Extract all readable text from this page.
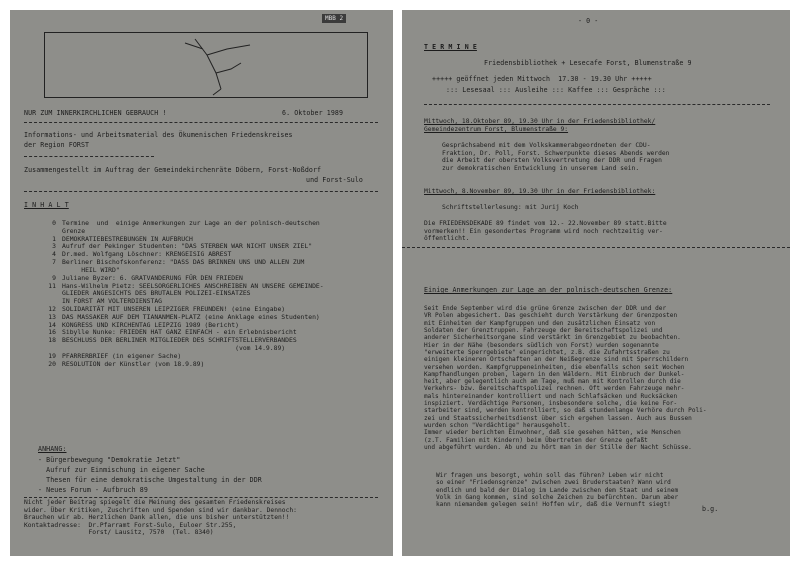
MBB 2

NUR ZUM INNERKIRCHLICHEN GEBRAUCH !	6. Oktober 1989

Informations- und Arbeitsmaterial des Ökumenischen Friedenskreises

der Region FORST

Zusammengestellt im Auftrag der Gemeindekirchenräte Döbern, Forst-Noßdorf

und Forst-Sulo

I N H A L T

0 Termine  und  einige Anmerkungen zur Lage an der polnisch-deutschen
Grenze
1 DEMOKRATIEBESTREBUNGEN IN AUFBRUCH
3 Aufruf der Pekinger Studenten: "DAS STERBEN WAR NICHT UNSER ZIEL"
4 Dr.med. Wolfgang Löschner: KRENGEISIG ABREST
7 Berliner Bischofskonferenz: "DASS DAS BRINNEN UNS UND ALLEN ZUM
HEIL WIRD"
9 Juliane Byzer: 6. GRATVANDERUNG FÜR DEN FRIEDEN
11 Hans-Wilhelm Pietz: SEELSORGERLICHES ANSCHREIBEN AN UNSERE GEMEINDE-
GLIEDER ANGESICHTS DES BRUTALEN POLIZEI-EINSATZES
IN FORST AM VOLTERDIENSTAG
12 SOLIDARITÄT MIT UNSEREN LEIPZIGER FREUNDEN! (eine Eingabe)
13 DAS MASSAKER AUF DEM TIANANMEN-PLATZ (eine Anklage eines Studenten)
14 KONGRESS UND KIRCHENTAG LEIPZIG 1989 (Bericht)
16 Sibylle Nunke: FRIEDEN HAT GANZ EINFACH - ein Erlebnisbericht
18 BESCHLUSS DER BERLINER MITGLIEDER DES SCHRIFTSTELLERVERBANDES
(vom 14.9.89)
19 PFARRERBRIEF (in eigener Sache)
20 RESOLUTION der Künstler (vom 18.9.89)

ANHANG:

- Bürgerbewegung "Demokratie Jetzt"

Aufruf zur Einmischung in eigener Sache

Thesen für eine demokratische Umgestaltung in der DDR

- Neues Forum - Aufbruch 89

Nicht jeder Beitrag spiegelt die Meinung des gesamten Friedenskreises
wider. Über Kritiken, Zuschriften und Spenden sind wir dankbar. Dennoch:
Brauchen wir ab. Herzlichen Dank allen, die uns bisher unterstützten!!
Kontaktadresse:  Dr.Pfarramt Forst-Sulo, Euloer Str.255,
Forst/ Lausitz, 7570  (Tel. 8340)

- 0 -

T E R M I N E

Friedensbibliothek + Lesecafe Forst, Blumenstraße 9

+++++ geöffnet jeden Mittwoch  17.30 - 19.30 Uhr +++++

::: Lesesaal ::: Ausleihe ::: Kaffee ::: Gespräche :::

Mittwoch, 18.Oktober 89, 19.30 Uhr in der Friedensbibliothek/
Gemeindezentrum Forst, Blumenstraße 9:

Gesprächsabend mit dem Volkskammerabgeordneten der CDU-
Fraktion, Dr. Poll, Forst. Schwerpunkte dieses Abends werden
die Arbeit der obersten Volksvertretung der DDR und Fragen
zur demokratischen Entwicklung in unserem Land sein.

Mittwoch, 8.November 89, 19.30 Uhr in der Friedensbibliothek:

Schriftstellerlesung: mit Jurij Koch

Die FRIEDENSDEKADE 89 findet vom 12.- 22.November 89 statt.Bitte
vormerken!! Ein gesondertes Programm wird noch rechtzeitig ver-
öffentlicht.

Einige Anmerkungen zur Lage an der polnisch-deutschen Grenze:

Seit Ende September wird die grüne Grenze zwischen der DDR und der
VR Polen abgesichert. Das geschieht durch Verstärkung der Grenzposten
mit Einheiten der Kampfgruppen und den zusätzlichen Einsatz von
Soldaten der Grenztruppen. Fahrzeuge der Bereitschaftspolizei und
anderer Sicherheitsorgane sind verstärkt im Grenzgebiet zu beobachten.
Hier in der Nähe (besonders südlich von Forst) wurden sogenannte
"erweiterte Sperrgebiete" eingerichtet, z.B. die Zufahrtsstraßen zu
einigen kleineren Ortschaften an der Neißegrenze sind mit Sperrschildern
versehen worden. Kampfgruppeneinheiten, die ebenfalls schon seit Wochen
Kampfhandlungen proben, lagern in den Wäldern. Mit Einbruch der Dunkel-
heit, aber gelegentlich auch am Tage, muß man mit Kontrollen durch die
Verkehrs- bzw. Bereitschaftspolizei rechnen. Oft werden Fahrzeuge mehr-
mals hintereinander kontrolliert und nach Schlafsäcken und Rucksäcken
inspiziert. Verdächtige Personen, insbesondere solche, die keine For-
starbeiter sind, werden kontrolliert, so daß stundenlange Verhöre durch Poli-
zei und Staatssicherheitsdienst über sich ergehen lassen. Auch aus Bussen
wurden schon "Verdächtige" herausgeholt.
Immer wieder berichten Einwohner, daß sie gesehen hätten, wie Menschen
(z.T. Familien mit Kindern) beim Übertreten der Grenze gefaßt
und abgeführt wurden. Ab und zu hört man in der Stille der Nacht Schüsse.

Wir fragen uns besorgt, wohin soll das führen? Leben wir nicht
so einer "Friedensgrenze" zwischen zwei Bruderstaaten? Wann wird
endlich und bald der Dialog im Lande zwischen dem Staat und seinem
Volk in Gang kommen, sind solche Zeichen zu befürchten. Darum aber
kann niemandem gelegen sein! Hoffen wir, daß die Vernunft siegt!

b.g.
